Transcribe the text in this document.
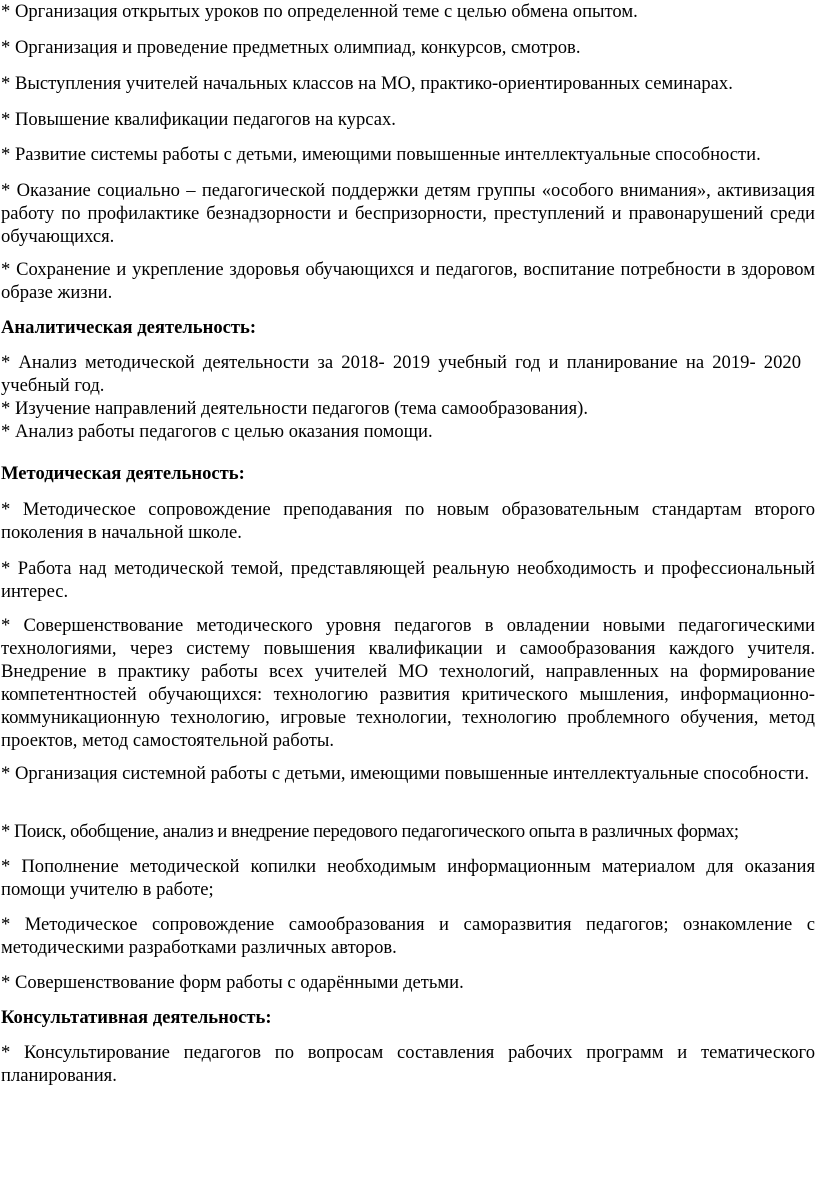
* Организация открытых уроков по определенной теме с целью обмена опытом.

* Организация и проведение предметных олимпиад, конкурсов, смотров.

* Выступления учителей начальных классов на МО, практико-ориентированных семинарах.

* Повышение квалификации педагогов на курсах.

* Развитие системы работы с детьми, имеющими повышенные интеллектуальные способности.

* Оказание социально – педагогической поддержки детям группы «особого внимания», активизация работу по профилактике безнадзорности и беспризорности, преступлений и правонарушений среди обучающихся.

* Сохранение и укрепление здоровья обучающихся и педагогов, воспитание потребности в здоровом образе жизни.

Аналитическая деятельность:

* Анализ методической деятельности за 2018- 2019 учебный год и планирование на 2019- 2020 учебный год.

* Изучение направлений деятельности педагогов (тема самообразования).

* Анализ работы педагогов с целью оказания помощи.

Методическая деятельность:

* Методическое сопровождение преподавания по новым образовательным стандартам второго поколения в начальной школе.

* Работа над методической темой, представляющей реальную необходимость и профессиональный интерес.

* Совершенствование методического уровня педагогов в овладении новыми педагогическими технологиями, через систему повышения квалификации и самообразования каждого учителя. Внедрение в практику работы всех учителей МО технологий, направленных на формирование компетентностей обучающихся: технологию развития критического мышления, информационно-коммуникационную технологию, игровые технологии, технологию проблемного обучения, метод проектов, метод самостоятельной работы.

* Организация системной работы с детьми, имеющими повышенные интеллектуальные способности.

* Поиск, обобщение, анализ и внедрение передового педагогического опыта в различных формах;

* Пополнение методической копилки необходимым информационным материалом для оказания помощи учителю в работе;

* Методическое сопровождение самообразования и саморазвития педагогов; ознакомление с методическими разработками различных авторов.

* Совершенствование форм работы с одарёнными детьми.

Консультативная деятельность:

* Консультирование педагогов по вопросам составления рабочих программ и тематического планирования.
